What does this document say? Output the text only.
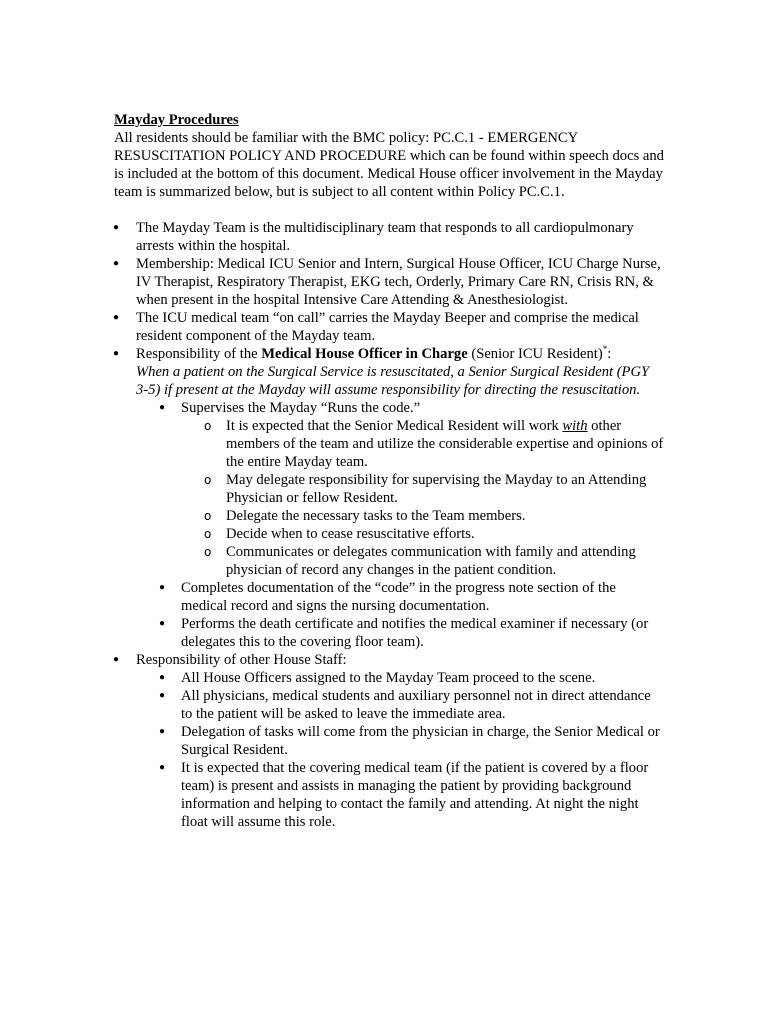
Mayday Procedures
All residents should be familiar with the BMC policy: PC.C.1 - EMERGENCY RESUSCITATION POLICY AND PROCEDURE which can be found within speech docs and is included at the bottom of this document. Medical House officer involvement in the Mayday team is summarized below, but is subject to all content within Policy PC.C.1.
● The Mayday Team is the multidisciplinary team that responds to all cardiopulmonary arrests within the hospital.
● Membership: Medical ICU Senior and Intern, Surgical House Officer, ICU Charge Nurse, IV Therapist, Respiratory Therapist, EKG tech, Orderly, Primary Care RN, Crisis RN, & when present in the hospital Intensive Care Attending & Anesthesiologist.
● The ICU medical team “on call” carries the Mayday Beeper and comprise the medical resident component of the Mayday team.
● Responsibility of the Medical House Officer in Charge (Senior ICU Resident)*:
When a patient on the Surgical Service is resuscitated, a Senior Surgical Resident (PGY 3-5) if present at the Mayday will assume responsibility for directing the resuscitation.
● Supervises the Mayday “Runs the code.”
o It is expected that the Senior Medical Resident will work with other members of the team and utilize the considerable expertise and opinions of the entire Mayday team.
o May delegate responsibility for supervising the Mayday to an Attending Physician or fellow Resident.
o Delegate the necessary tasks to the Team members.
o Decide when to cease resuscitative efforts.
o Communicates or delegates communication with family and attending physician of record any changes in the patient condition.
● Completes documentation of the “code” in the progress note section of the medical record and signs the nursing documentation.
● Performs the death certificate and notifies the medical examiner if necessary (or delegates this to the covering floor team).
● Responsibility of other House Staff:
● All House Officers assigned to the Mayday Team proceed to the scene.
● All physicians, medical students and auxiliary personnel not in direct attendance to the patient will be asked to leave the immediate area.
● Delegation of tasks will come from the physician in charge, the Senior Medical or Surgical Resident.
● It is expected that the covering medical team (if the patient is covered by a floor team) is present and assists in managing the patient by providing background information and helping to contact the family and attending. At night the night float will assume this role.
